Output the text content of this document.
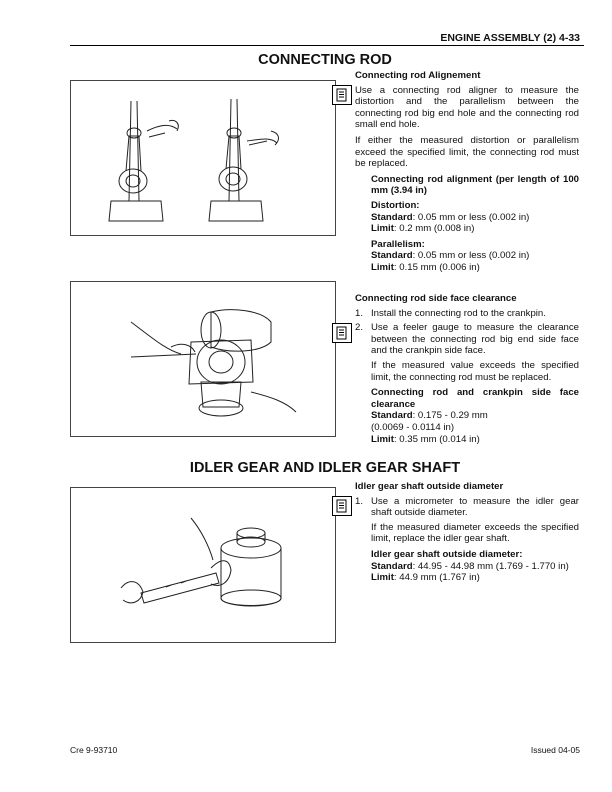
ENGINE ASSEMBLY (2) 4-33
CONNECTING ROD
Connecting rod Alignement

Use a connecting rod aligner to measure the distortion and the parallelism between the connecting rod big end hole and the connecting rod small end hole.

If either the measured distortion or parallelism exceed the specified limit, the connecting rod must be replaced.

Connecting rod alignment (per length of 100 mm (3.94 in)
Distortion:
Standard: 0.05 mm or less (0.002 in)
Limit: 0.2 mm (0.008 in)
Parallelism:
Standard: 0.05 mm or less (0.002 in)
Limit: 0.15 mm (0.006 in)
Connecting rod side face clearance
1. Install the connecting rod to the crankpin.
2. Use a feeler gauge to measure the clearance between the connecting rod big end side face and the crankpin side face.

If the measured value exceeds the specified limit, the connecting rod must be replaced.

Connecting rod and crankpin side face clearance
Standard: 0.175 - 0.29 mm
(0.0069 - 0.0114 in)
Limit: 0.35 mm (0.014 in)
IDLER GEAR AND IDLER GEAR SHAFT
Idler gear shaft outside diameter
1. Use a micrometer to measure the idler gear shaft outside diameter.

If the measured diameter exceeds the specified limit, replace the idler gear shaft.

Idler gear shaft outside diameter:
Standard: 44.95 - 44.98 mm (1.769 - 1.770 in)
Limit: 44.9 mm (1.767 in)
Cre 9-93710	Issued 04-05
